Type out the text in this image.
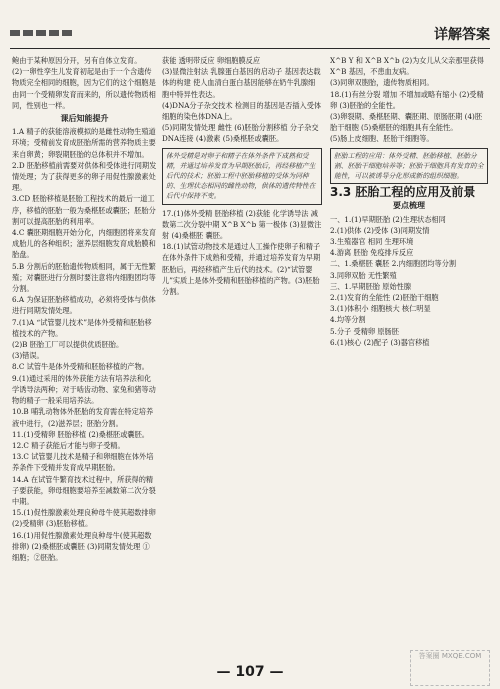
详解答案

鲍由于某种原因分开，另有自体立发育。

(2)一卵性孪生儿发育初起是由于一个含遗传物质完全相同的细胞，因为它们的这个细胞是由同一个受精卵发育而来的，所以遗传物质相同，性别也一样。

课后知能提升

1.A 精子的获能溶液模拟的是雌性动物生殖道环境；受精前发育成胚胎所需的营养物质主要来自卵黄；卵裂期胚胎的总体积并不增加。

2.D 胚胎移植前需要对供体和受体进行同期发情处理；为了获得更多的卵子用促性腺激素处理。

3.CD 胚胎移植是胚胎工程技术的最后一道工序，移植的胚胎一般为桑椹胚或囊胚；胚胎分割可以提高胚胎的利用率。

4.C 囊胚期细胞开始分化，内细胞团将来发育成胎儿的各种组织；滋养层细胞发育成胎膜和胎盘。

5.B 分割后的胚胎遗传物质相同，属于无性繁殖；对囊胚进行分割时要注意将内细胞团均等分割。

6.A 为保证胚胎移植成功，必须将受体与供体进行同期发情处理。

7.(1)A “试管婴儿技术”是体外受精和胚胎移植技术的产物。

(2)B 胚胎工厂可以提供优质胚胎。

(3)错误。

8.C 试管牛是体外受精和胚胎移植的产物。

9.(1)通过采用的体外获能方法有培养法和化学诱导法两种；对于啮齿动物、家兔和猪等动物的精子一般采用培养法。

10.B 哺乳动物体外胚胎的发育需在特定培养液中进行，(2)滋养层；胚胎分割。

11.(1)受精卵 胚胎移植 (2)桑椹胚或囊胚。

12.C 精子获能后才能与卵子受精。

13.C 试管婴儿技术是精子和卵细胞在体外培养条件下受精并发育成早期胚胎。

14.A 在试管牛繁育技术过程中，所获得的精子要获能，卵母细胞要培养至减数第二次分裂中期。

15.(1)促性腺激素处理良种母牛使其超数排卵 (2)受精卵 (3)胚胎移植。

16.(1)用促性腺激素处理良种母牛(使其超数排卵) (2)桑椹胚或囊胚 (3)同期发情处理 ①细胞；②胚胎。

获能 透明带反应 卵细胞膜反应

(3)显微注射法 乳腺蛋白基因的启动子 基因表达载体的构建 使人血清白蛋白基因能够在奶牛乳腺细胞中特异性表达。

(4)DNA分子杂交技术 检测目的基因是否插入受体细胞的染色体DNA上。

(5)同期发情处理 雌性 (6)胚胎分割移植 分子杂交 DNA连接 (4)激素 (5)桑椹胚或囊胚。

体外受精是对卵子和精子在体外条件下成熟和受精，并通过培养发育为早期胚胎后，再经移植产生后代的技术；胚胎工程中胚胎移植的受体为同种的、生理状态相同的雌性动物，供体的遗传特性在后代中保持不变。

17.(1)体外受精 胚胎移植 (2)获能 化学诱导法 减数第二次分裂中期 X^B X^b 第一极体 (3)显微注射 (4)桑椹胚 囊胚。

18.(1)试管动物技术是通过人工操作使卵子和精子在体外条件下成熟和受精，并通过培养发育为早期胚胎后，再经移植产生后代的技术。(2)“试管婴儿”实质上是体外受精和胚胎移植的产物。(3)胚胎分割。

X^B Y 和 X^B X^b (2)为女儿从父亲那里获得 X^B 基因，不患血友病。

(3)同卵双胞胎，遗传物质相同。

18.(1)有丝分裂 增加 不增加或略有缩小 (2)受精卵 (3)胚胎的全能性。

(3)卵裂期、桑椹胚期、囊胚期、原肠胚期 (4)胚胎干细胞 (5)桑椹胚的细胞具有全能性。

(5)肠上皮细胞、胚胎干细胞等。

胚胎工程的应用：体外受精、胚胎移植、胚胎分割、胚胎干细胞培养等；胚胎干细胞具有发育的全能性，可以被诱导分化形成新的组织细胞。
3.3 胚胎工程的应用及前景
要点梳理

一、1.(1)早期胚胎 (2)生理状态相同

2.(1)供体 (2)受体 (3)同期发情

3.生殖器官 相同 生理环境

4.游离 胚胎 免疫排斥反应

二、1.桑椹胚 囊胚 2.内细胞团均等分割

3.同卵双胎 无性繁殖

三、1.早期胚胎 原始性腺

2.(1)发育的全能性 (2)胚胎干细胞

3.(1)体积小 细胞核大 核仁明显

4.均等分割

5.分子 受精卵 原肠胚

6.(1)核心 (2)配子 (3)器官移植

— 107 —
答案圈 MXQE.COM
